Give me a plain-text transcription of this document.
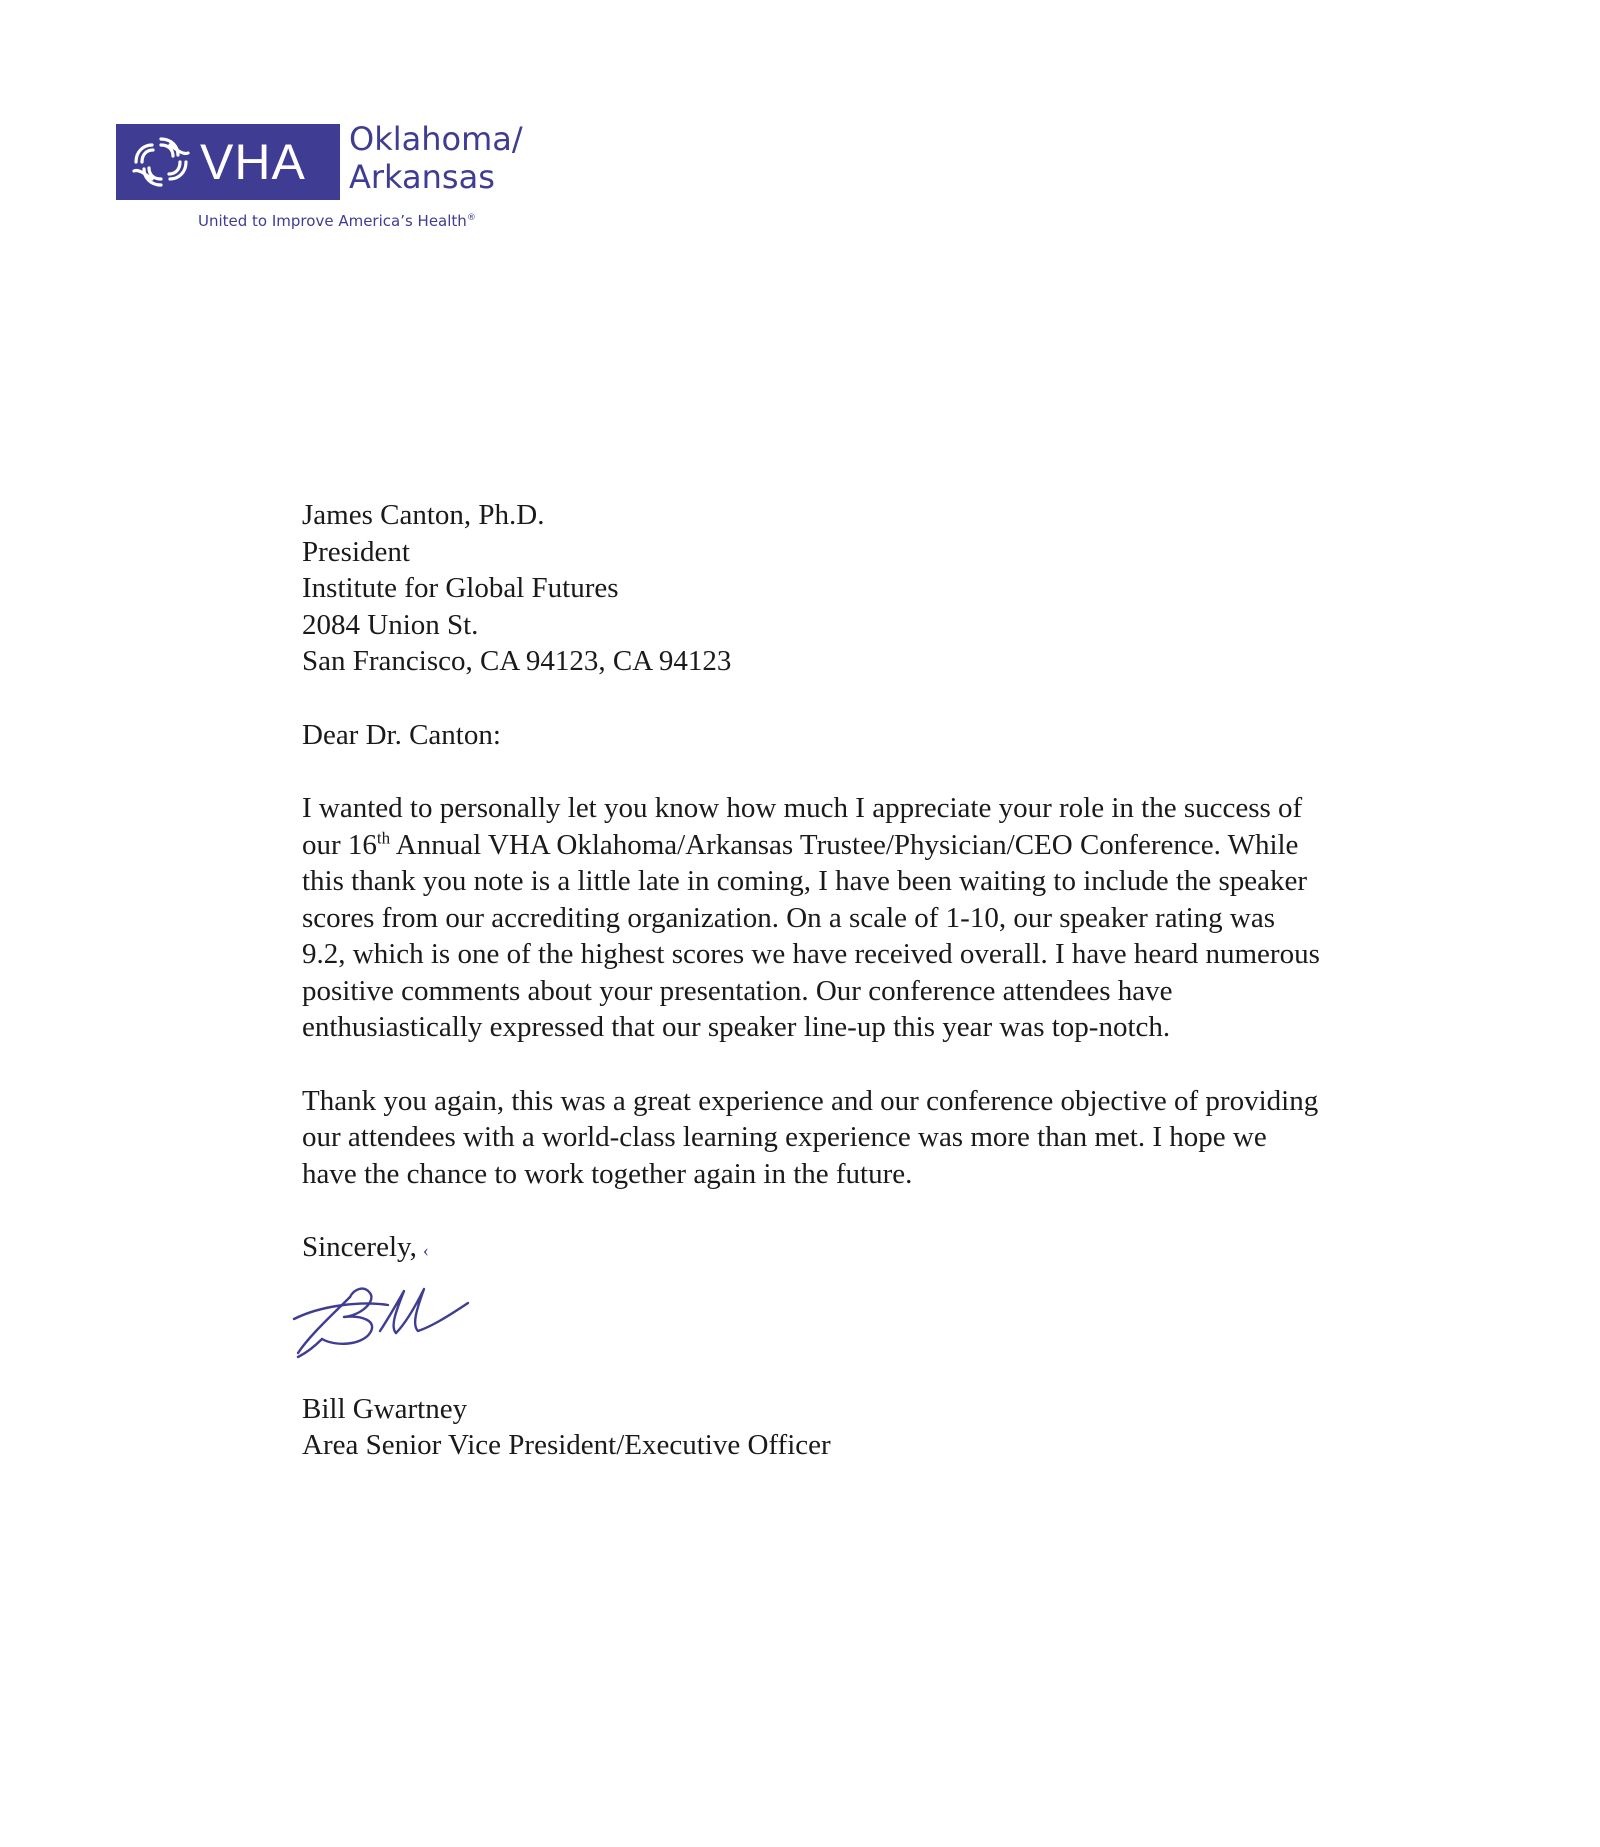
VHA Oklahoma/
Arkansas
United to Improve America’s Health®
James Canton, Ph.D.
President
Institute for Global Futures
2084 Union St.
San Francisco, CA 94123, CA 94123
Dear Dr. Canton:
I wanted to personally let you know how much I appreciate your role in the success of our 16th Annual VHA Oklahoma/Arkansas Trustee/Physician/CEO Conference. While this thank you note is a little late in coming, I have been waiting to include the speaker scores from our accrediting organization. On a scale of 1-10, our speaker rating was 9.2, which is one of the highest scores we have received overall. I have heard numerous positive comments about your presentation. Our conference attendees have enthusiastically expressed that our speaker line-up this year was top-notch.
Thank you again, this was a great experience and our conference objective of providing our attendees with a world-class learning experience was more than met. I hope we have the chance to work together again in the future.
Sincerely, ‹
Bill Gwartney
Area Senior Vice President/Executive Officer
